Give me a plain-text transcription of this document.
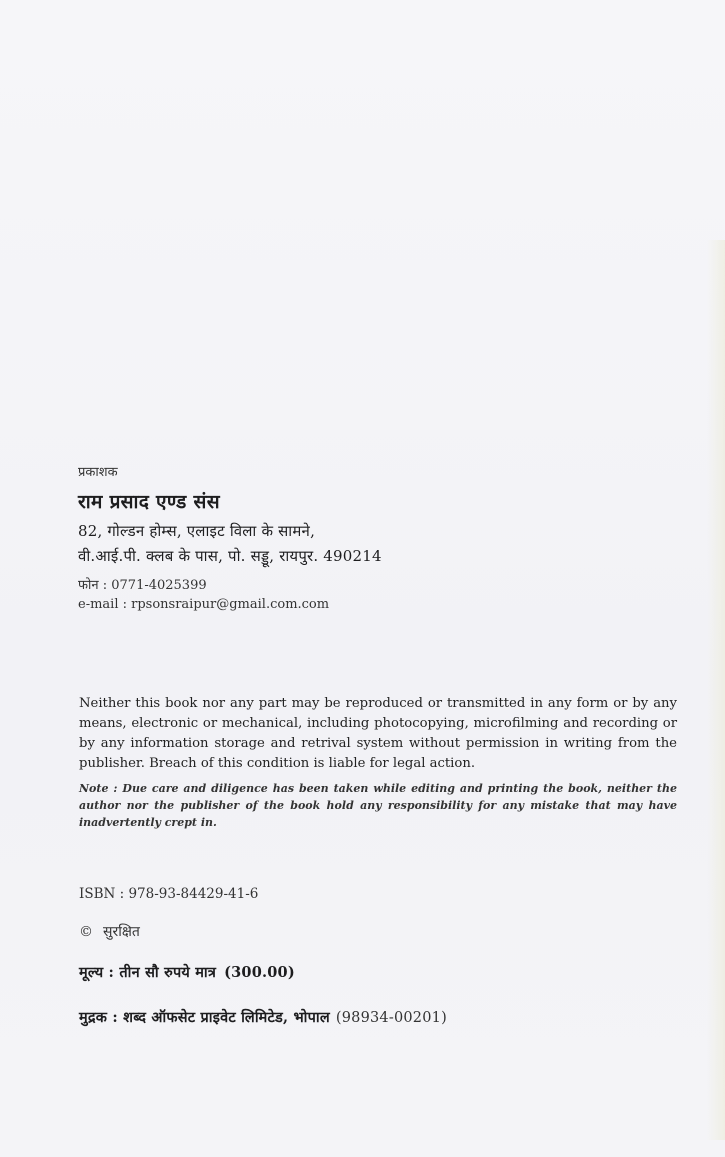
प्रकाशक
राम प्रसाद एण्ड संस
82, गोल्डन होम्स, एलाइट विला के सामने,
वी.आई.पी. क्लब के पास, पो. सड्डू, रायपुर. 490214
फोन : 0771-4025399
e-mail : rpsonsraipur@gmail.com.com
Neither this book nor any part may be reproduced or transmitted in any form or by any means, electronic or mechanical, including photocopying, microfilming and recording or by any information storage and retrival system without permission in writing from the publisher. Breach of this condition is liable for legal action.
Note : Due care and diligence has been taken while editing and printing the book, neither the author nor the publisher of the book hold any responsibility for any mistake that may have inadvertently crept in.
ISBN : 978-93-84429-41-6
© सुरक्षित
मूल्य : तीन सौ रुपये मात्र (300.00)
मुद्रक : शब्द ऑफसेट प्राइवेट लिमिटेड, भोपाल (98934-00201)
